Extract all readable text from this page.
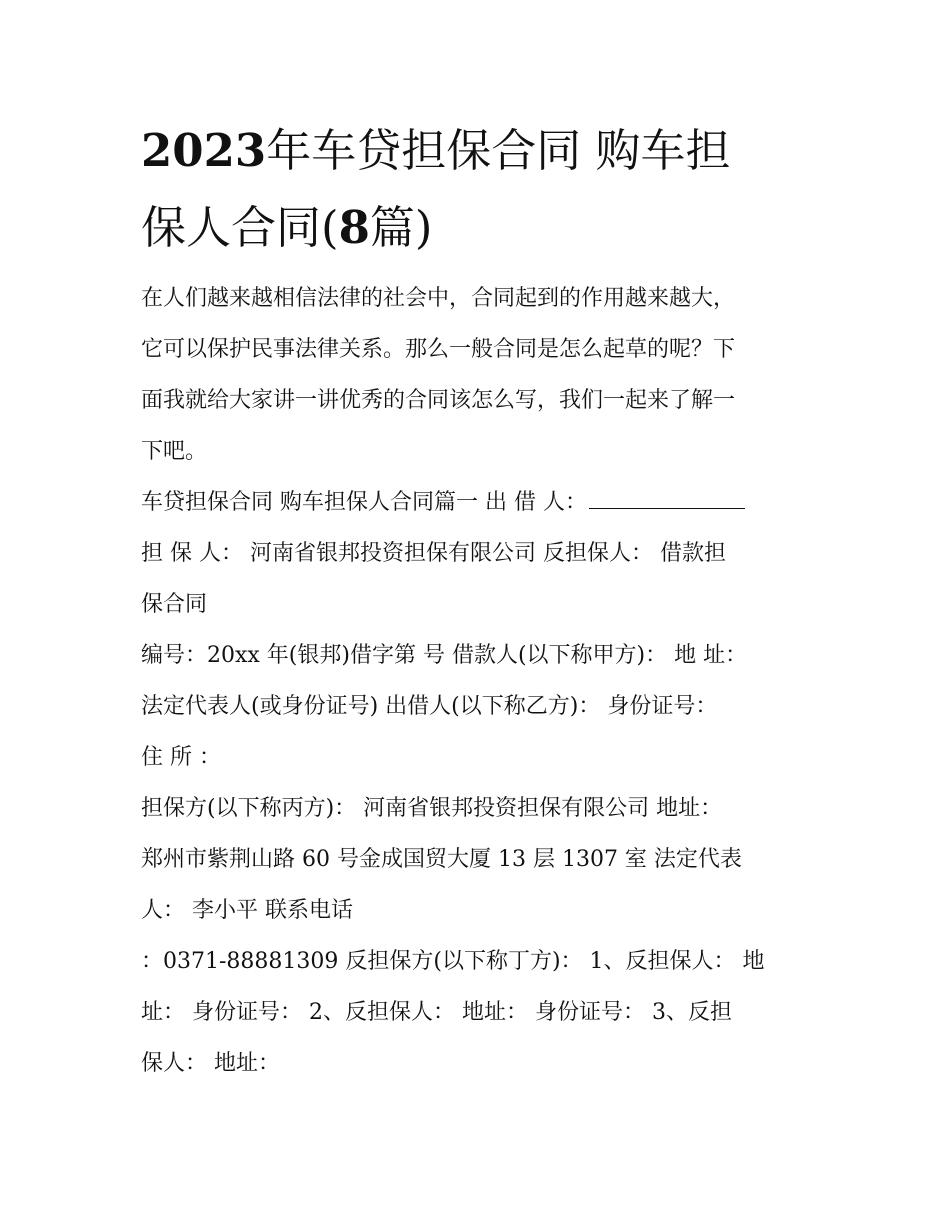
2023年车贷担保合同 购车担
保人合同(8篇)
在人们越来越相信法律的社会中，合同起到的作用越来越大，
它可以保护民事法律关系。那么一般合同是怎么起草的呢？下
面我就给大家讲一讲优秀的合同该怎么写，我们一起来了解一
下吧。
车贷担保合同 购车担保人合同篇一 出 借 人：
担 保 人： 河南省银邦投资担保有限公司 反担保人： 借款担
保合同
编号：20xx 年(银邦)借字第 号 借款人(以下称甲方)： 地 址：
法定代表人(或身份证号) 出借人(以下称乙方)： 身份证号：
住 所 ：
担保方(以下称丙方)： 河南省银邦投资担保有限公司 地址：
郑州市紫荆山路 60 号金成国贸大厦 13 层 1307 室 法定代表
人： 李小平 联系电话
：0371-88881309 反担保方(以下称丁方)： 1、反担保人： 地
址： 身份证号： 2、反担保人： 地址： 身份证号： 3、反担
保人： 地址：
